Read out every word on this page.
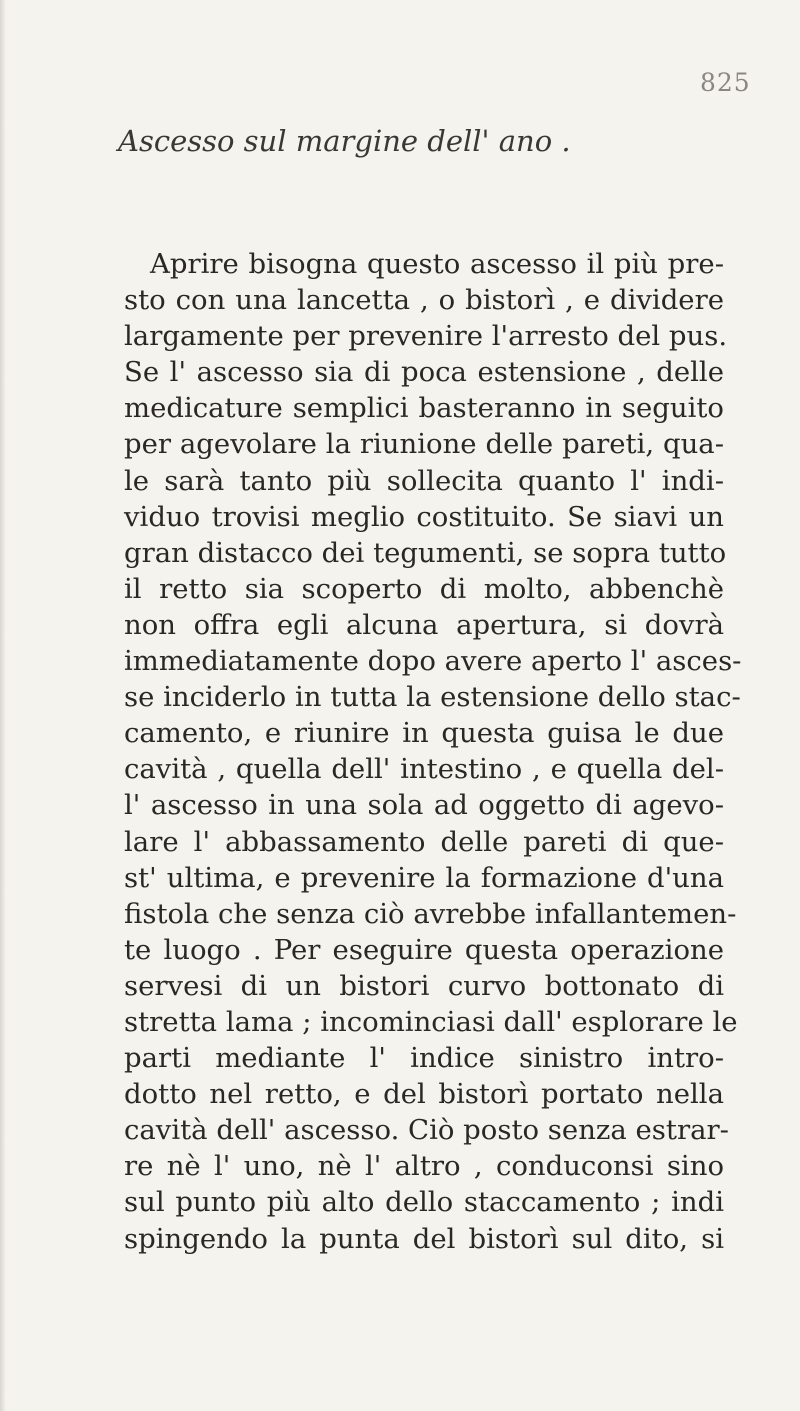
825
Ascesso sul margine dell' ano .
Aprire bisogna questo ascesso il più pre-
sto con una lancetta , o bistorì , e dividere
largamente per prevenire l'arresto del pus.
Se l' ascesso sia di poca estensione , delle
medicature semplici basteranno in seguito
per agevolare la riunione delle pareti, qua-
le sarà tanto più sollecita quanto l' indi-
viduo trovisi meglio costituito. Se siavi un
gran distacco dei tegumenti, se sopra tutto
il retto sia scoperto di molto, abbenchè
non offra egli alcuna apertura, si dovrà
immediatamente dopo avere aperto l' asces-
se inciderlo in tutta la estensione dello stac-
camento, e riunire in questa guisa le due
cavità , quella dell' intestino , e quella del-
l' ascesso in una sola ad oggetto di agevo-
lare l' abbassamento delle pareti di que-
st' ultima, e prevenire la formazione d'una
fistola che senza ciò avrebbe infallantemen-
te luogo . Per eseguire questa operazione
servesi di un bistori curvo bottonato di
stretta lama ; incominciasi dall' esplorare le
parti mediante l' indice sinistro intro-
dotto nel retto, e del bistorì portato nella
cavità dell' ascesso. Ciò posto senza estrar-
re nè l' uno, nè l' altro , conduconsi sino
sul punto più alto dello staccamento ; indi
spingendo la punta del bistorì sul dito, si
